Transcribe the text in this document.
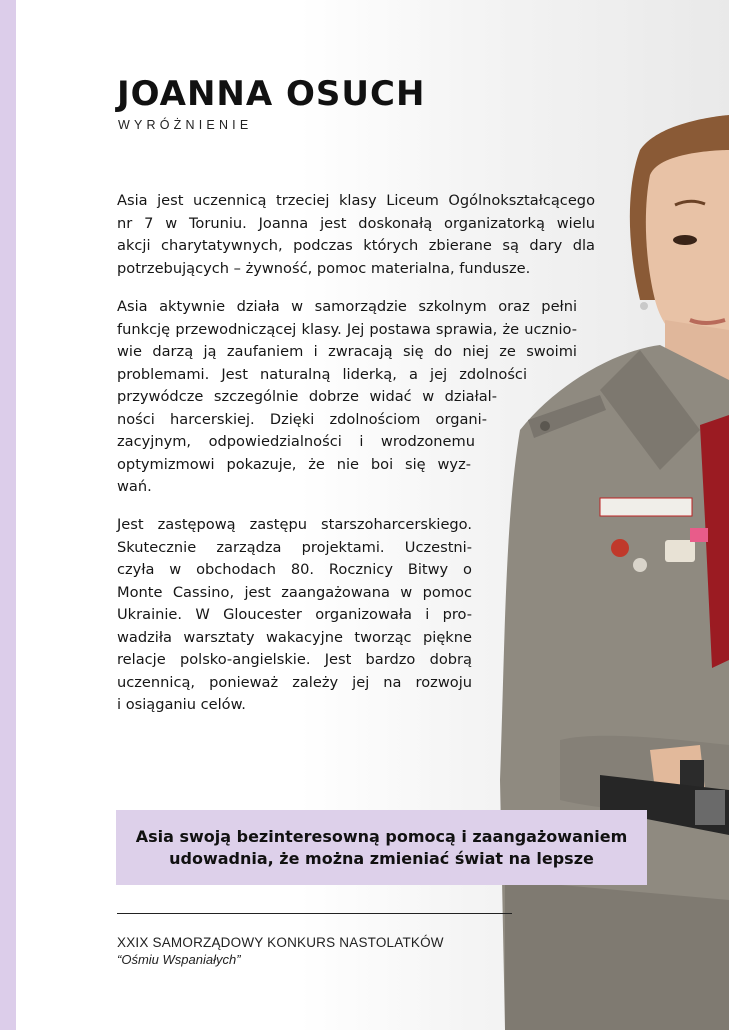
JOANNA OSUCH
WYRÓŻNIENIE
Asia jest uczennicą trzeciej klasy Liceum Ogólnokształcącego
nr 7 w Toruniu. Joanna jest doskonałą organizatorką wielu
akcji charytatywnych, podczas których zbierane są dary dla
potrzebujących – żywność, pomoc materialna, fundusze.
Asia aktywnie działa w samorządzie szkolnym oraz pełni
funkcję przewodniczącej klasy. Jej postawa sprawia, że ucznio-
wie darzą ją zaufaniem i zwracają się do niej ze swoimi
problemami. Jest naturalną liderką, a jej zdolności
przywódcze szczególnie dobrze widać w działal-
ności harcerskiej. Dzięki zdolnościom organi-
zacyjnym, odpowiedzialności i wrodzonemu
optymizmowi pokazuje, że nie boi się wyz-
wań.
Jest zastępową zastępu starszoharcerskiego.
Skutecznie zarządza projektami. Uczestni-
czyła w obchodach 80. Rocznicy Bitwy o
Monte Cassino, jest zaangażowana w pomoc
Ukrainie. W Gloucester organizowała i pro-
wadziła warsztaty wakacyjne tworząc piękne
relacje polsko-angielskie. Jest bardzo dobrą
uczennicą, ponieważ zależy jej na rozwoju
i osiąganiu celów.
Asia swoją bezinteresowną pomocą i zaangażowaniem
udowadnia, że można zmieniać świat na lepsze
XXIX SAMORZĄDOWY KONKURS NASTOLATKÓW
“Ośmiu Wspaniałych”
